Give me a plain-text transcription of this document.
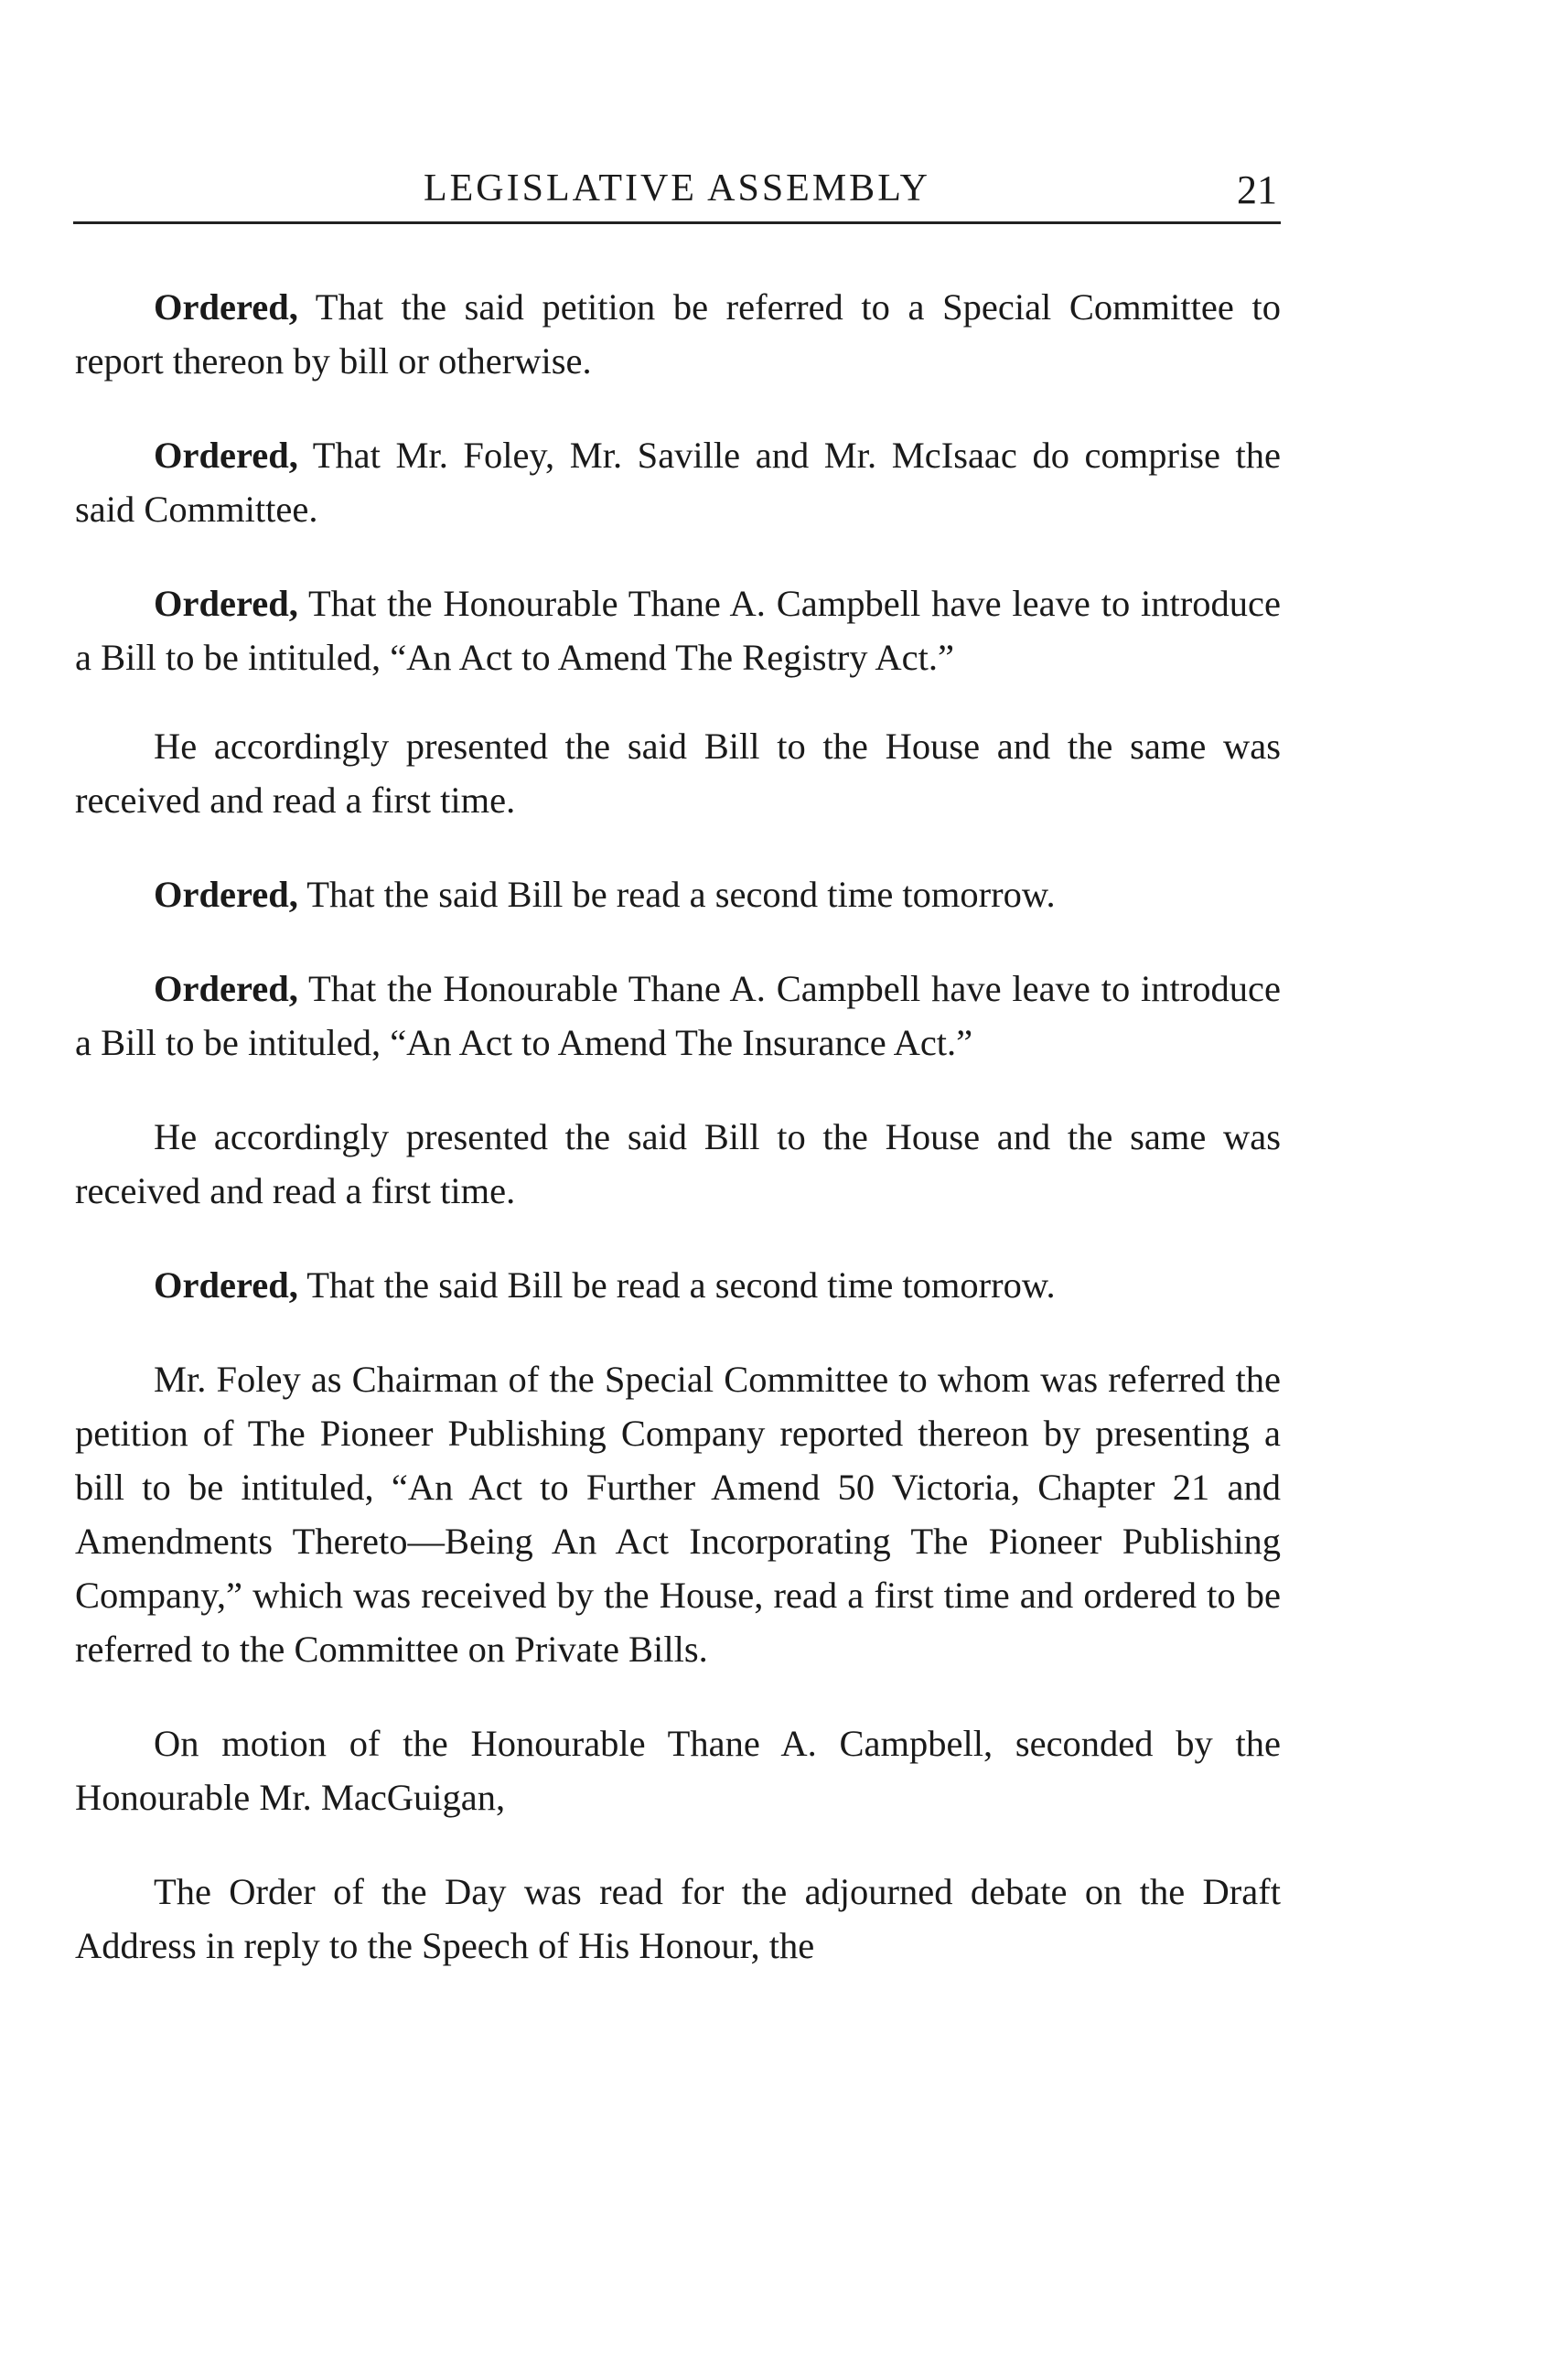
LEGISLATIVE ASSEMBLY	21

Ordered, That the said petition be referred to a Special Committee to report thereon by bill or otherwise.

Ordered, That Mr. Foley, Mr. Saville and Mr. McIsaac do comprise the said Committee.

Ordered, That the Honourable Thane A. Campbell have leave to introduce a Bill to be intituled, “An Act to Amend The Registry Act.”

He accordingly presented the said Bill to the House and the same was received and read a first time.

Ordered, That the said Bill be read a second time tomorrow.

Ordered, That the Honourable Thane A. Campbell have leave to introduce a Bill to be intituled, “An Act to Amend The Insurance Act.”

He accordingly presented the said Bill to the House and the same was received and read a first time.

Ordered, That the said Bill be read a second time tomorrow.

Mr. Foley as Chairman of the Special Committee to whom was referred the petition of The Pioneer Publishing Company reported thereon by presenting a bill to be intituled, “An Act to Further Amend 50 Victoria, Chapter 21 and Amendments Thereto—Being An Act Incorporating The Pioneer Publishing Company,” which was received by the House, read a first time and ordered to be referred to the Committee on Private Bills.

On motion of the Honourable Thane A. Campbell, seconded by the Honourable Mr. MacGuigan,

The Order of the Day was read for the adjourned debate on the Draft Address in reply to the Speech of His Honour, the
